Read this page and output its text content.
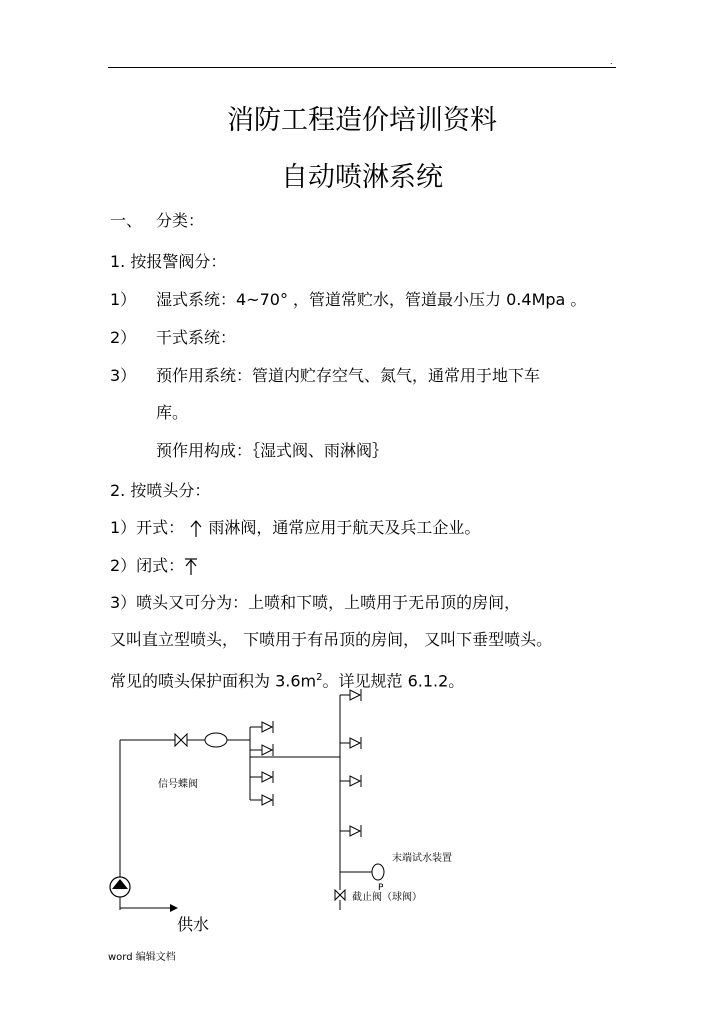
.
消防工程造价培训资料
自动喷淋系统
一、 分类：
1. 按报警阀分：
1） 湿式系统：4~70° ，管道常贮水，管道最小压力 0.4Mpa 。
2） 干式系统：
3） 预作用系统：管道内贮存空气、氮气，通常用于地下车
库。
预作用构成：｛湿式阀、雨淋阀｝
2. 按喷头分：
1）开式： 雨淋阀，通常应用于航天及兵工企业。
2）闭式：
3）喷头又可分为：上喷和下喷，上喷用于无吊顶的房间，
又叫直立型喷头， 下喷用于有吊顶的房间， 又叫下垂型喷头。
常见的喷头保护面积为 $3.6m^2$。详见规范 6.1.2。
信号蝶阀
末端试水装置
P
截止阀（球阀）
供水
word 编辑文档
